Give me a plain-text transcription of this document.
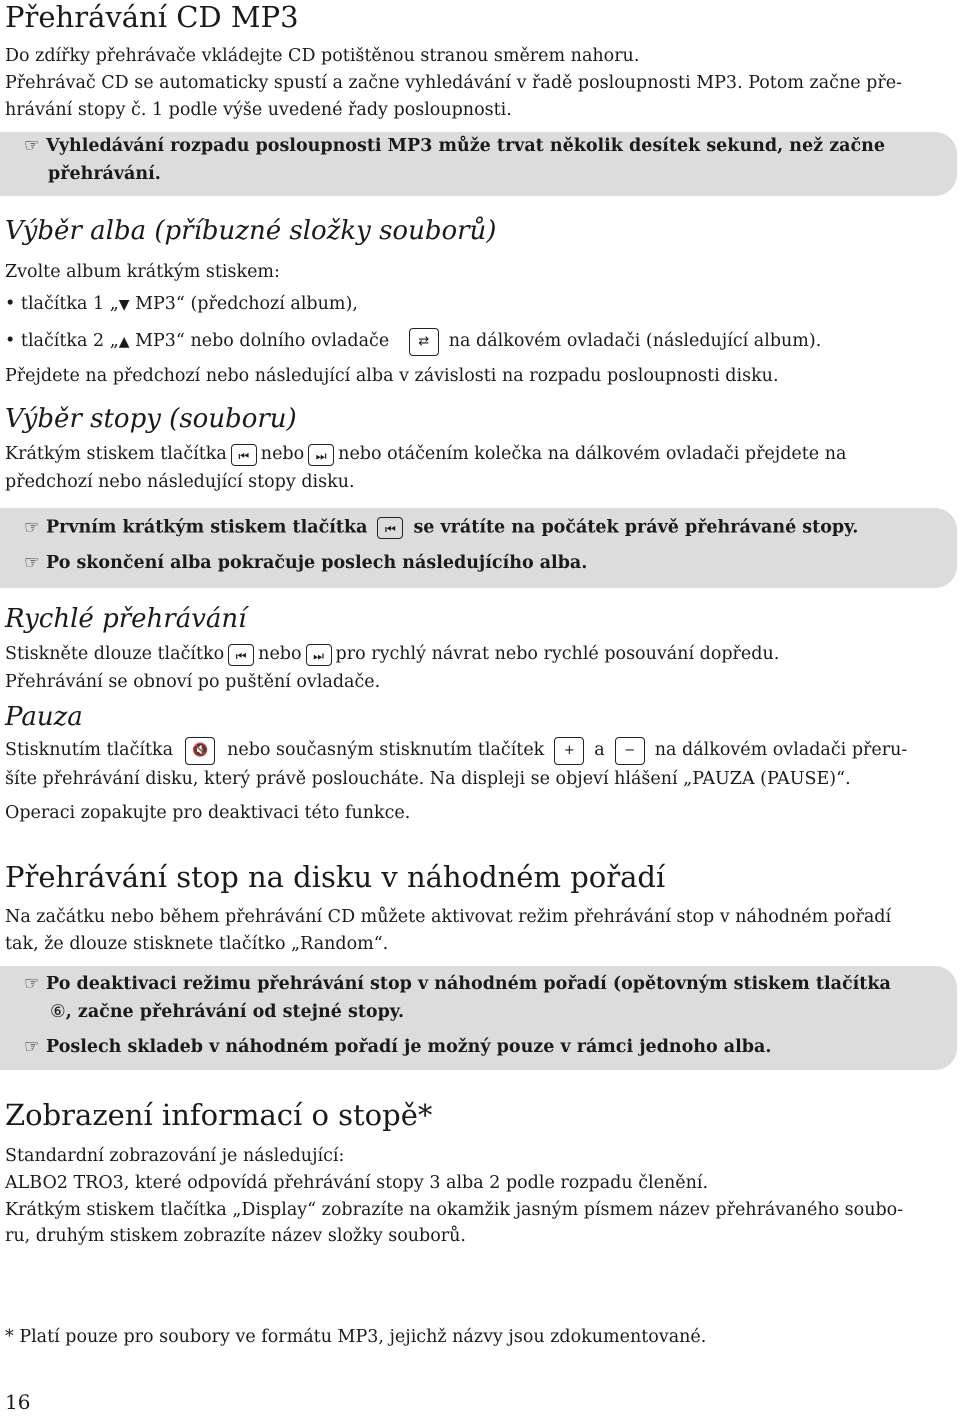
Přehrávání CD MP3
Do zdířky přehrávače vkládejte CD potištěnou stranou směrem nahoru.
Přehrávač CD se automaticky spustí a začne vyhledávání v řadě posloupnosti MP3. Potom začne pře-
hrávání stopy č. 1 podle výše uvedené řady posloupnosti.
☞ Vyhledávání rozpadu posloupnosti MP3 může trvat několik desítek sekund, než začne
přehrávání.
Výběr alba (příbuzné složky souborů)
Zvolte album krátkým stiskem:
• tlačítka 1 „▼ MP3“ (předchozí album),
• tlačítka 2 „▲ MP3“ nebo dolního ovladače ⇄ na dálkovém ovladači (následující album).
Přejdete na předchozí nebo následující alba v závislosti na rozpadu posloupnosti disku.
Výběr stopy (souboru)
Krátkým stiskem tlačítka ⏮ nebo ⏭ nebo otáčením kolečka na dálkovém ovladači přejdete na
předchozí nebo následující stopy disku.
☞ Prvním krátkým stiskem tlačítka ⏮ se vrátíte na počátek právě přehrávané stopy.
☞ Po skončení alba pokračuje poslech následujícího alba.
Rychlé přehrávání
Stiskněte dlouze tlačítko ⏮ nebo ⏭ pro rychlý návrat nebo rychlé posouvání dopředu.
Přehrávání se obnoví po puštění ovladače.
Pauza
Stisknutím tlačítka 🔇 nebo současným stisknutím tlačítek + a − na dálkovém ovladači přeru-
šíte přehrávání disku, který právě posloucháte. Na displeji se objeví hlášení „PAUZA (PAUSE)“.
Operaci zopakujte pro deaktivaci této funkce.
Přehrávání stop na disku v náhodném pořadí
Na začátku nebo během přehrávání CD můžete aktivovat režim přehrávání stop v náhodném pořadí
tak, že dlouze stisknete tlačítko „Random“.
☞ Po deaktivaci režimu přehrávání stop v náhodném pořadí (opětovným stiskem tlačítka
⑥, začne přehrávání od stejné stopy.
☞ Poslech skladeb v náhodném pořadí je možný pouze v rámci jednoho alba.
Zobrazení informací o stopě*
Standardní zobrazování je následující:
ALBO2 TRO3, které odpovídá přehrávání stopy 3 alba 2 podle rozpadu členění.
Krátkým stiskem tlačítka „Display“ zobrazíte na okamžik jasným písmem název přehrávaného soubo-
ru, druhým stiskem zobrazíte název složky souborů.
* Platí pouze pro soubory ve formátu MP3, jejichž názvy jsou zdokumentované.
16
